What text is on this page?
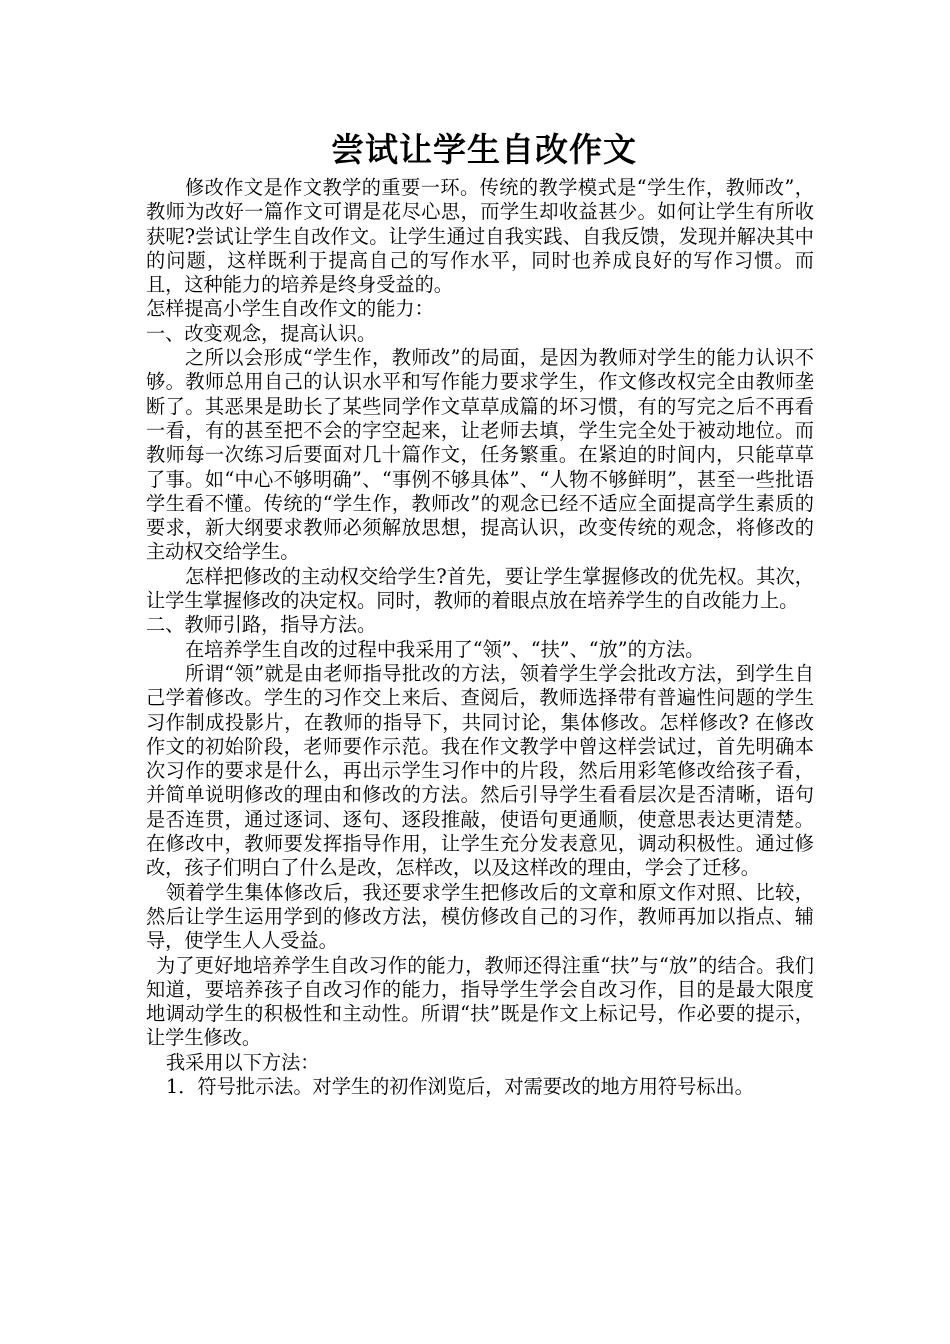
尝试让学生自改作文

修改作文是作文教学的重要一环。传统的教学模式是“学生作，教师改”，教师为改好一篇作文可谓是花尽心思，而学生却收益甚少。如何让学生有所收获呢?尝试让学生自改作文。让学生通过自我实践、自我反馈，发现并解决其中的问题，这样既利于提高自己的写作水平，同时也养成良好的写作习惯。而且，这种能力的培养是终身受益的。

怎样提高小学生自改作文的能力：

一、改变观念，提高认识。

之所以会形成“学生作，教师改”的局面，是因为教师对学生的能力认识不够。教师总用自己的认识水平和写作能力要求学生，作文修改权完全由教师垄断了。其恶果是助长了某些同学作文草草成篇的坏习惯，有的写完之后不再看一看，有的甚至把不会的字空起来，让老师去填，学生完全处于被动地位。而教师每一次练习后要面对几十篇作文，任务繁重。在紧迫的时间内，只能草草了事。如“中心不够明确”、“事例不够具体”、“人物不够鲜明”，甚至一些批语学生看不懂。传统的“学生作，教师改”的观念已经不适应全面提高学生素质的要求，新大纲要求教师必须解放思想，提高认识，改变传统的观念，将修改的主动权交给学生。

怎样把修改的主动权交给学生?首先，要让学生掌握修改的优先权。其次，让学生掌握修改的决定权。同时，教师的着眼点放在培养学生的自改能力上。

二、教师引路，指导方法。

在培养学生自改的过程中我采用了“领”、“扶”、“放”的方法。

所谓“领”就是由老师指导批改的方法，领着学生学会批改方法，到学生自己学着修改。学生的习作交上来后、查阅后，教师选择带有普遍性问题的学生习作制成投影片，在教师的指导下，共同讨论，集体修改。怎样修改? 在修改作文的初始阶段，老师要作示范。我在作文教学中曾这样尝试过，首先明确本次习作的要求是什么，再出示学生习作中的片段，然后用彩笔修改给孩子看，并简单说明修改的理由和修改的方法。然后引导学生看看层次是否清晰，语句是否连贯，通过逐词、逐句、逐段推敲，使语句更通顺，使意思表达更清楚。在修改中，教师要发挥指导作用，让学生充分发表意见，调动积极性。通过修改，孩子们明白了什么是改，怎样改，以及这样改的理由，学会了迁移。

领着学生集体修改后，我还要求学生把修改后的文章和原文作对照、比较，然后让学生运用学到的修改方法，模仿修改自己的习作，教师再加以指点、辅导，使学生人人受益。

为了更好地培养学生自改习作的能力，教师还得注重“扶”与“放”的结合。我们知道，要培养孩子自改习作的能力，指导学生学会自改习作，目的是最大限度地调动学生的积极性和主动性。所谓“扶”既是作文上标记号，作必要的提示，让学生修改。

我采用以下方法：

1．符号批示法。对学生的初作浏览后，对需要改的地方用符号标出。
